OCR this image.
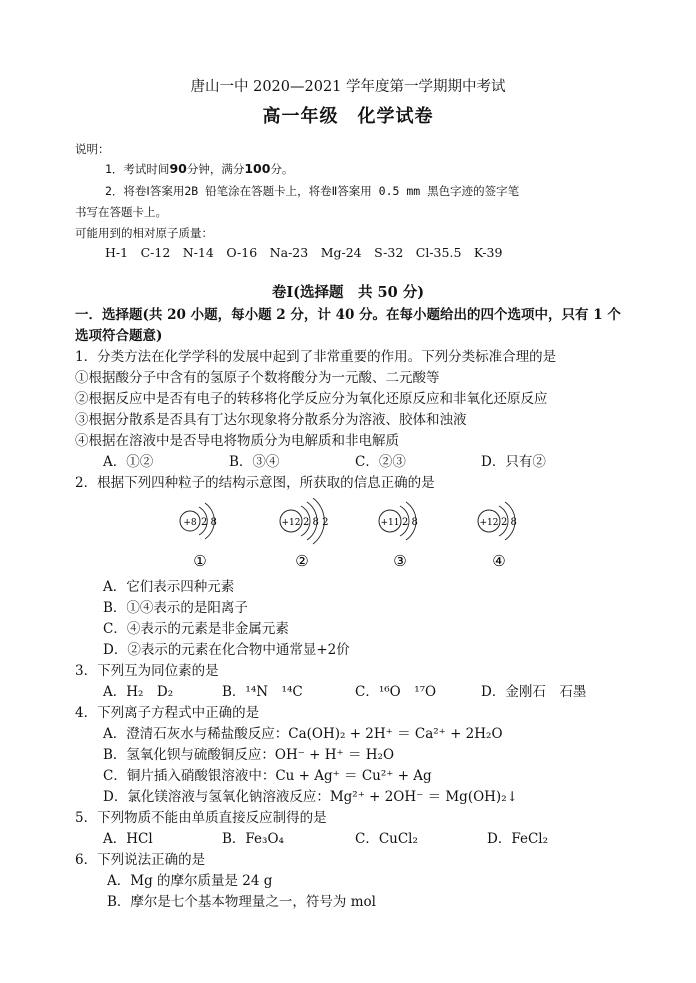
唐山一中 2020—2021 学年度第一学期期中考试
高一年级　化学试卷
说明：
1．考试时间90分钟，满分100分。
2．将卷Ⅰ答案用2B 铅笔涂在答题卡上，将卷Ⅱ答案用 0.5 mm 黑色字迹的签字笔
书写在答题卡上。
可能用到的相对原子质量：
H-1　C-12　N-14　O-16　Na-23　Mg-24　S-32　Cl-35.5　K-39
卷Ⅰ(选择题　共 50 分)
一．选择题(共 20 小题，每小题 2 分，计 40 分。在每小题给出的四个选项中，只有 1 个
选项符合题意)
1．分类方法在化学学科的发展中起到了非常重要的作用。下列分类标准合理的是
①根据酸分子中含有的氢原子个数将酸分为一元酸、二元酸等
②根据反应中是否有电子的转移将化学反应分为氧化还原反应和非氧化还原反应
③根据分散系是否具有丁达尔现象将分散系分为溶液、胶体和浊液
④根据在溶液中是否导电将物质分为电解质和非电解质
A．①②	B．③④	C．②③	D．只有②
2．根据下列四种粒子的结构示意图，所获取的信息正确的是
+8 2 8	+12 2 8 2	+11 2 8	+12 2 8
①	②	③	④
A．它们表示四种元素
B．①④表示的是阳离子
C．④表示的元素是非金属元素
D．②表示的元素在化合物中通常显+2价
3．下列互为同位素的是
A．H₂　D₂	B．¹⁴N　¹⁴C	C．¹⁶O　¹⁷O	D．金刚石　石墨
4．下列离子方程式中正确的是
A．澄清石灰水与稀盐酸反应：Ca(OH)₂ + 2H⁺ ＝ Ca²⁺ + 2H₂O
B．氢氧化钡与硫酸铜反应：OH⁻ + H⁺ ＝ H₂O
C．铜片插入硝酸银溶液中：Cu + Ag⁺ ＝ Cu²⁺ + Ag
D．氯化镁溶液与氢氧化钠溶液反应：Mg²⁺ + 2OH⁻ ＝ Mg(OH)₂↓
5．下列物质不能由单质直接反应制得的是
A．HCl	B．Fe₃O₄	C．CuCl₂	D．FeCl₂
6．下列说法正确的是
A．Mg 的摩尔质量是 24 g
B．摩尔是七个基本物理量之一，符号为 mol
